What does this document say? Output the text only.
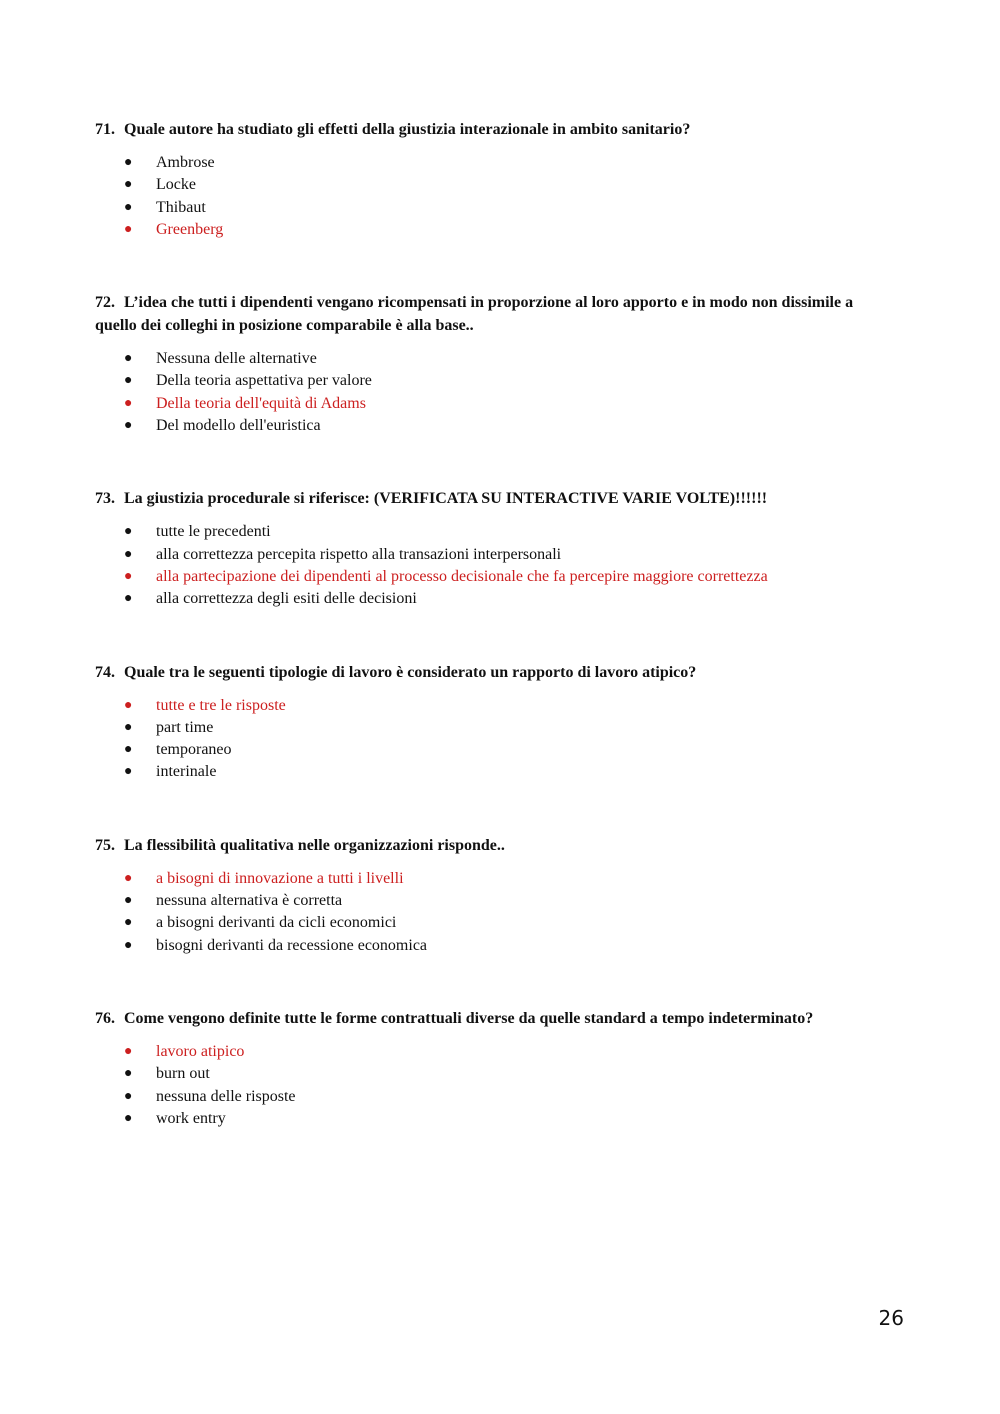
71. Quale autore ha studiato gli effetti della giustizia interazionale in ambito sanitario?

● Ambrose
● Locke
● Thibaut
● Greenberg

72. L’idea che tutti i dipendenti vengano ricompensati in proporzione al loro apporto e in modo non dissimile a quello dei colleghi in posizione comparabile è alla base..

● Nessuna delle alternative
● Della teoria aspettativa per valore
● Della teoria dell'equità di Adams
● Del modello dell'euristica

73. La giustizia procedurale si riferisce: (VERIFICATA SU INTERACTIVE VARIE VOLTE)!!!!!!

● tutte le precedenti
● alla correttezza percepita rispetto alla transazioni interpersonali
● alla partecipazione dei dipendenti al processo decisionale che fa percepire maggiore correttezza
● alla correttezza degli esiti delle decisioni

74. Quale tra le seguenti tipologie di lavoro è considerato un rapporto di lavoro atipico?

● tutte e tre le risposte
● part time
● temporaneo
● interinale

75. La flessibilità qualitativa nelle organizzazioni risponde..

● a bisogni di innovazione a tutti i livelli
● nessuna alternativa è corretta
● a bisogni derivanti da cicli economici
● bisogni derivanti da recessione economica

76. Come vengono definite tutte le forme contrattuali diverse da quelle standard a tempo indeterminato?

● lavoro atipico
● burn out
● nessuna delle risposte
● work entry
26
